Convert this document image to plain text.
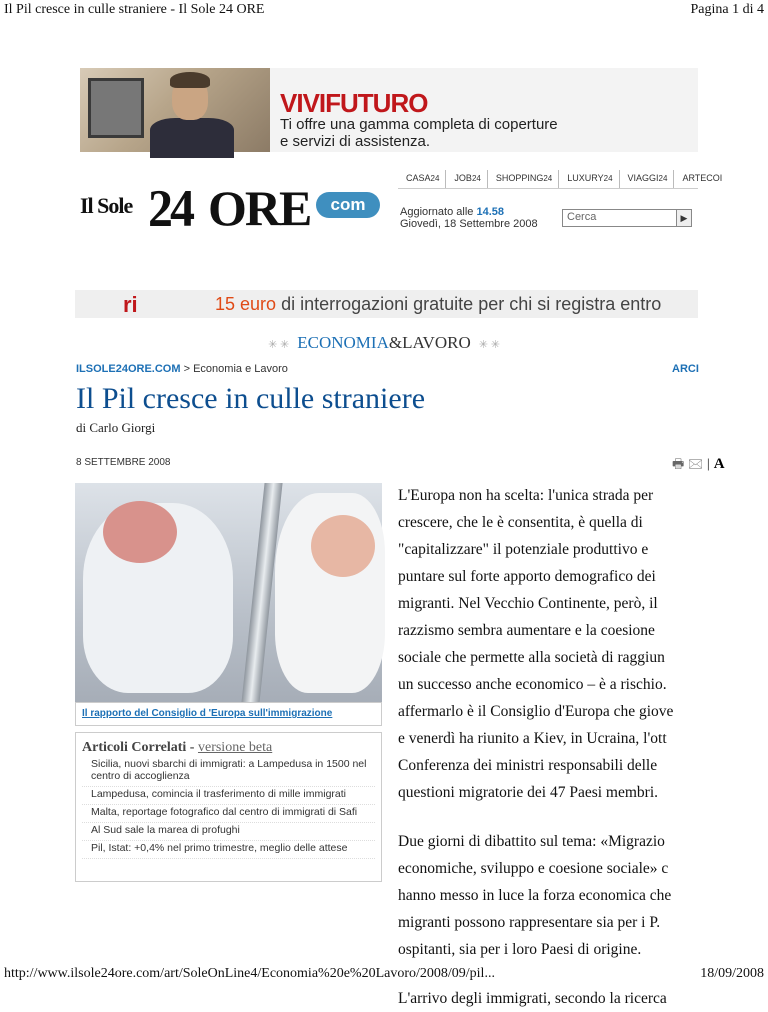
Il Pil cresce in culle straniere - Il Sole 24 ORE	Pagina 1 di 4
VIVIFUTURO
Ti offre una gamma completa di coperture
e servizi di assistenza.
CASA24	JOB24	SHOPPING24	LUXURY24	VIAGGI24	ARTECOI
Il Sole 24 ORE	com	Aggiornato alle 14.58
Giovedì, 18 Settembre 2008
Cerca	▶
ri	15 euro di interrogazioni gratuite per chi si registra entro
✳ ✳ ECONOMIA&LAVORO ✳ ✳
ILSOLE24ORE.COM > Economia e Lavoro	ARCI
Il Pil cresce in culle straniere
di Carlo Giorgi
8 SETTEMBRE 2008	🖶 🖂 | A
Il rapporto del Consiglio d 'Europa sull'immigrazione
Articoli Correlati - versione beta
Sicilia, nuovi sbarchi di immigrati: a Lampedusa in 1500 nel centro di accoglienza
Lampedusa, comincia il trasferimento di mille immigrati
Malta, reportage fotografico dal centro di immigrati di Safi
Al Sud sale la marea di profughi
Pil, Istat: +0,4% nel primo trimestre, meglio delle attese

L'Europa non ha scelta: l'unica strada per
crescere, che le è consentita, è quella di
"capitalizzare" il potenziale produttivo e
puntare sul forte apporto demografico dei
migranti. Nel Vecchio Continente, però, il
razzismo sembra aumentare e la coesione
sociale che permette alla società di raggiun
un successo anche economico – è a rischio.
affermarlo è il Consiglio d'Europa che giove
e venerdì ha riunito a Kiev, in Ucraina, l'ott
Conferenza dei ministri responsabili delle
questioni migratorie dei 47 Paesi membri.

Due giorni di dibattito sul tema: «Migrazio
economiche, sviluppo e coesione sociale» c
hanno messo in luce la forza economica che
migranti possono rappresentare sia per i P.
ospitanti, sia per i loro Paesi di origine.

L'arrivo degli immigrati, secondo la ricerca

http://www.ilsole24ore.com/art/SoleOnLine4/Economia%20e%20Lavoro/2008/09/pil...	18/09/2008
